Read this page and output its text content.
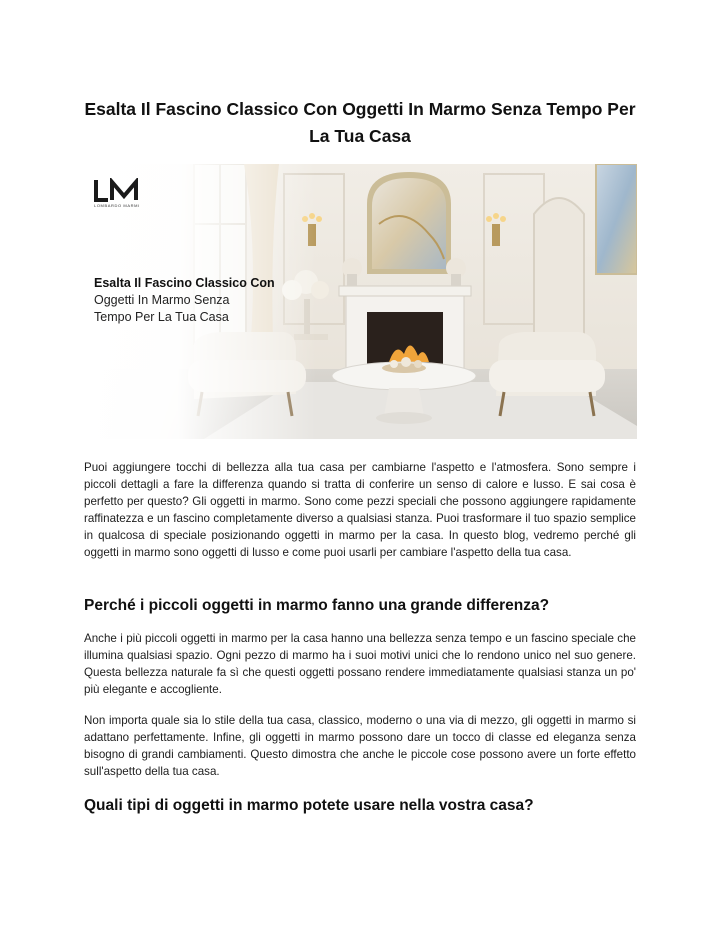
Esalta Il Fascino Classico Con Oggetti In Marmo Senza Tempo Per La Tua Casa
LOMBARDO MARMI
Esalta Il Fascino Classico Con
Oggetti In Marmo Senza
Tempo Per La Tua Casa

Puoi aggiungere tocchi di bellezza alla tua casa per cambiarne l'aspetto e l'atmosfera. Sono sempre i piccoli dettagli a fare la differenza quando si tratta di conferire un senso di calore e lusso. E sai cosa è perfetto per questo? Gli oggetti in marmo. Sono come pezzi speciali che possono aggiungere rapidamente raffinatezza e un fascino completamente diverso a qualsiasi stanza. Puoi trasformare il tuo spazio semplice in qualcosa di speciale posizionando oggetti in marmo per la casa. In questo blog, vedremo perché gli oggetti in marmo sono oggetti di lusso e come puoi usarli per cambiare l'aspetto della tua casa.

Perché i piccoli oggetti in marmo fanno una grande differenza?

Anche i più piccoli oggetti in marmo per la casa hanno una bellezza senza tempo e un fascino speciale che illumina qualsiasi spazio. Ogni pezzo di marmo ha i suoi motivi unici che lo rendono unico nel suo genere. Questa bellezza naturale fa sì che questi oggetti possano rendere immediatamente qualsiasi stanza un po' più elegante e accogliente.

Non importa quale sia lo stile della tua casa, classico, moderno o una via di mezzo, gli oggetti in marmo si adattano perfettamente. Infine, gli oggetti in marmo possono dare un tocco di classe ed eleganza senza bisogno di grandi cambiamenti. Questo dimostra che anche le piccole cose possono avere un forte effetto sull'aspetto della tua casa.

Quali tipi di oggetti in marmo potete usare nella vostra casa?
